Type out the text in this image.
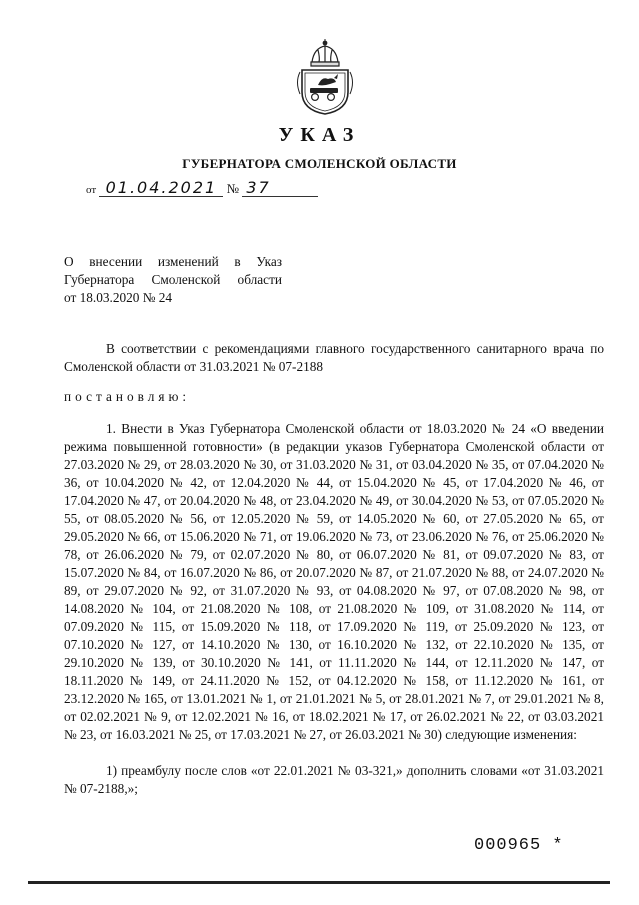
УКАЗ
ГУБЕРНАТОРА СМОЛЕНСКОЙ ОБЛАСТИ
от 01.04.2021 № 37
О внесении изменений в Указ
Губернатора Смоленской области
от 18.03.2020 № 24
В соответствии с рекомендациями главного государственного санитарного врача по Смоленской области от 31.03.2021 № 07-2188
постановляю:
1. Внести в Указ Губернатора Смоленской области от 18.03.2020 № 24 «О введении режима повышенной готовности» (в редакции указов Губернатора Смоленской области от 27.03.2020 № 29, от 28.03.2020 № 30, от 31.03.2020 № 31, от 03.04.2020 № 35, от 07.04.2020 № 36, от 10.04.2020 № 42, от 12.04.2020 № 44, от 15.04.2020 № 45, от 17.04.2020 № 46, от 17.04.2020 № 47, от 20.04.2020 № 48, от 23.04.2020 № 49, от 30.04.2020 № 53, от 07.05.2020 № 55, от 08.05.2020 № 56, от 12.05.2020 № 59, от 14.05.2020 № 60, от 27.05.2020 № 65, от 29.05.2020 № 66, от 15.06.2020 № 71, от 19.06.2020 № 73, от 23.06.2020 № 76, от 25.06.2020 № 78, от 26.06.2020 № 79, от 02.07.2020 № 80, от 06.07.2020 № 81, от 09.07.2020 № 83, от 15.07.2020 № 84, от 16.07.2020 № 86, от 20.07.2020 № 87, от 21.07.2020 № 88, от 24.07.2020 № 89, от 29.07.2020 № 92, от 31.07.2020 № 93, от 04.08.2020 № 97, от 07.08.2020 № 98, от 14.08.2020 № 104, от 21.08.2020 № 108, от 21.08.2020 № 109, от 31.08.2020 № 114, от 07.09.2020 № 115, от 15.09.2020 № 118, от 17.09.2020 № 119, от 25.09.2020 № 123, от 07.10.2020 № 127, от 14.10.2020 № 130, от 16.10.2020 № 132, от 22.10.2020 № 135, от 29.10.2020 № 139, от 30.10.2020 № 141, от 11.11.2020 № 144, от 12.11.2020 № 147, от 18.11.2020 № 149, от 24.11.2020 № 152, от 04.12.2020 № 158, от 11.12.2020 № 161, от 23.12.2020 № 165, от 13.01.2021 № 1, от 21.01.2021 № 5, от 28.01.2021 № 7, от 29.01.2021 № 8, от 02.02.2021 № 9, от 12.02.2021 № 16, от 18.02.2021 № 17, от 26.02.2021 № 22, от 03.03.2021 № 23, от 16.03.2021 № 25, от 17.03.2021 № 27, от 26.03.2021 № 30) следующие изменения:
1) преамбулу после слов «от 22.01.2021 № 03-321,» дополнить словами «от 31.03.2021 № 07-2188,»;
000965 *
